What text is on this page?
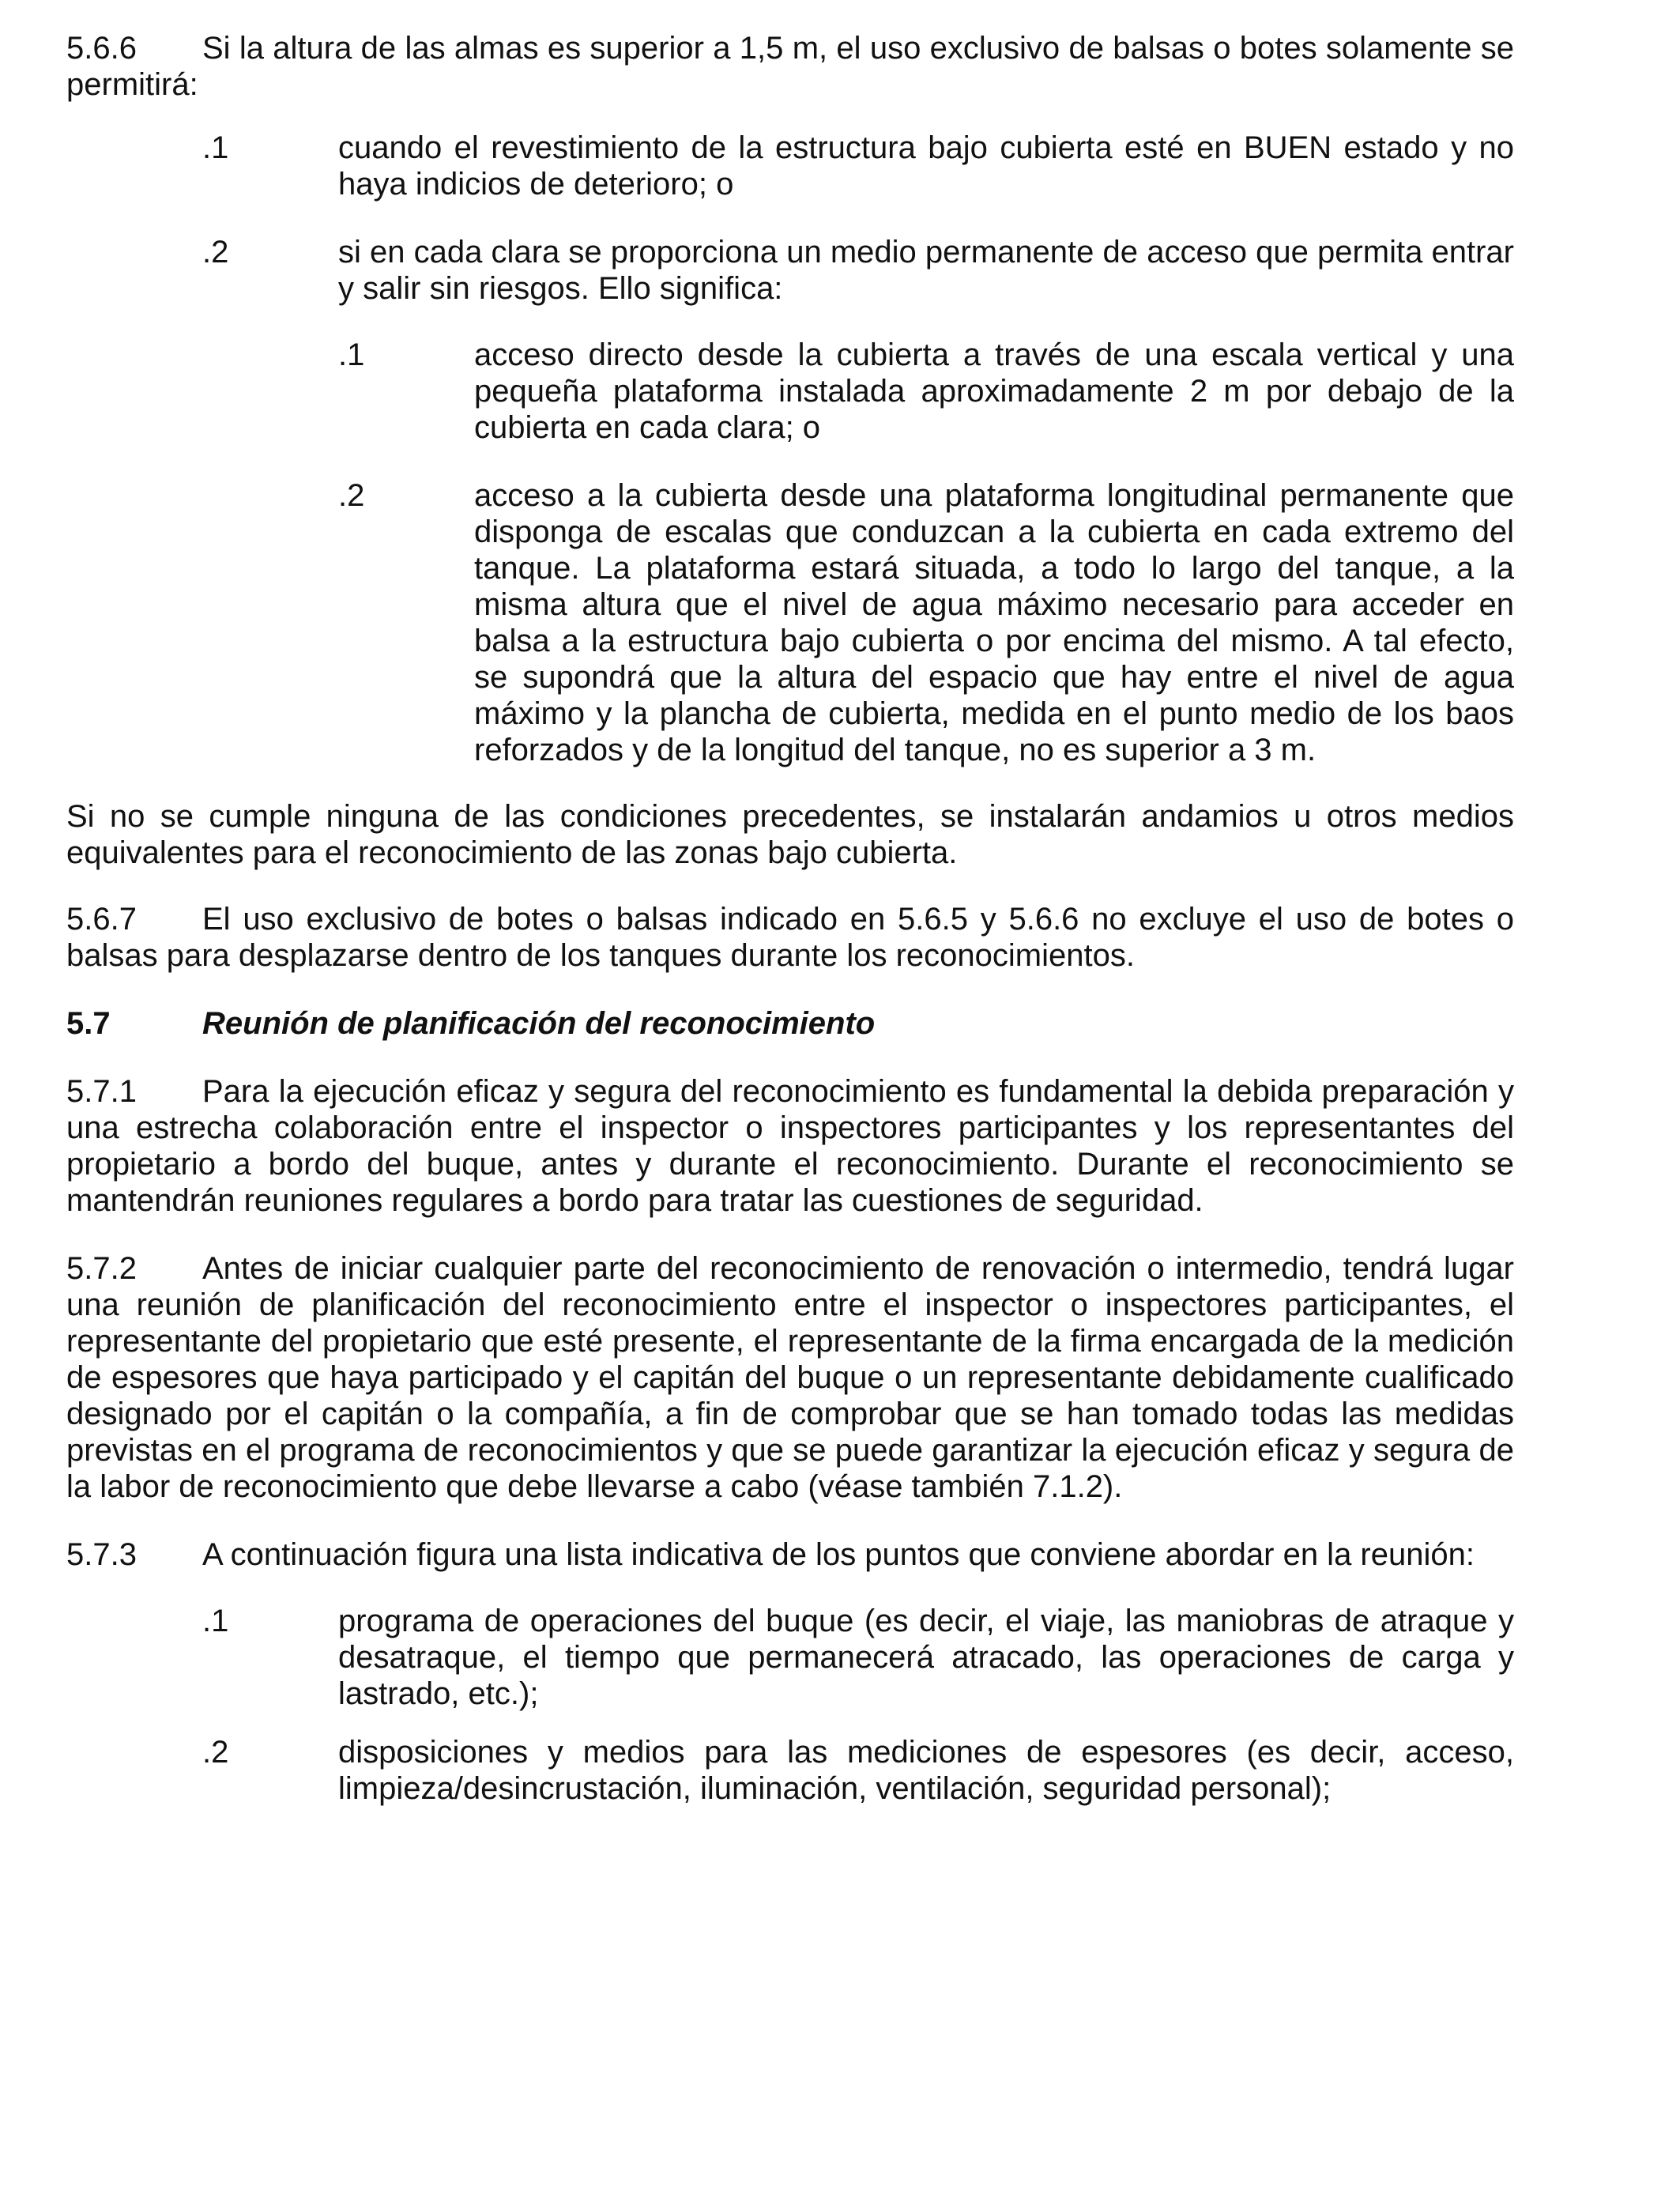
5.6.6 Si la altura de las almas es superior a 1,5 m, el uso exclusivo de balsas o botes solamente se permitirá:

.1	cuando el revestimiento de la estructura bajo cubierta esté en BUEN estado y no haya indicios de deterioro; o
.2	si en cada clara se proporciona un medio permanente de acceso que permita entrar y salir sin riesgos. Ello significa:
.1	acceso directo desde la cubierta a través de una escala vertical y una pequeña plataforma instalada aproximadamente 2 m por debajo de la cubierta en cada clara; o
.2	acceso a la cubierta desde una plataforma longitudinal permanente que disponga de escalas que conduzcan a la cubierta en cada extremo del tanque. La plataforma estará situada, a todo lo largo del tanque, a la misma altura que el nivel de agua máximo necesario para acceder en balsa a la estructura bajo cubierta o por encima del mismo. A tal efecto, se supondrá que la altura del espacio que hay entre el nivel de agua máximo y la plancha de cubierta, medida en el punto medio de los baos reforzados y de la longitud del tanque, no es superior a 3 m.

Si no se cumple ninguna de las condiciones precedentes, se instalarán andamios u otros medios equivalentes para el reconocimiento de las zonas bajo cubierta.

5.6.7 El uso exclusivo de botes o balsas indicado en 5.6.5 y 5.6.6 no excluye el uso de botes o balsas para desplazarse dentro de los tanques durante los reconocimientos.

5.7	Reunión de planificación del reconocimiento

5.7.1 Para la ejecución eficaz y segura del reconocimiento es fundamental la debida preparación y una estrecha colaboración entre el inspector o inspectores participantes y los representantes del propietario a bordo del buque, antes y durante el reconocimiento. Durante el reconocimiento se mantendrán reuniones regulares a bordo para tratar las cuestiones de seguridad.

5.7.2 Antes de iniciar cualquier parte del reconocimiento de renovación o intermedio, tendrá lugar una reunión de planificación del reconocimiento entre el inspector o inspectores participantes, el representante del propietario que esté presente, el representante de la firma encargada de la medición de espesores que haya participado y el capitán del buque o un representante debidamente cualificado designado por el capitán o la compañía, a fin de comprobar que se han tomado todas las medidas previstas en el programa de reconocimientos y que se puede garantizar la ejecución eficaz y segura de la labor de reconocimiento que debe llevarse a cabo (véase también 7.1.2).

5.7.3 A continuación figura una lista indicativa de los puntos que conviene abordar en la reunión:

.1	programa de operaciones del buque (es decir, el viaje, las maniobras de atraque y desatraque, el tiempo que permanecerá atracado, las operaciones de carga y lastrado, etc.);
.2	disposiciones y medios para las mediciones de espesores (es decir, acceso, limpieza/desincrustación, iluminación, ventilación, seguridad personal);
